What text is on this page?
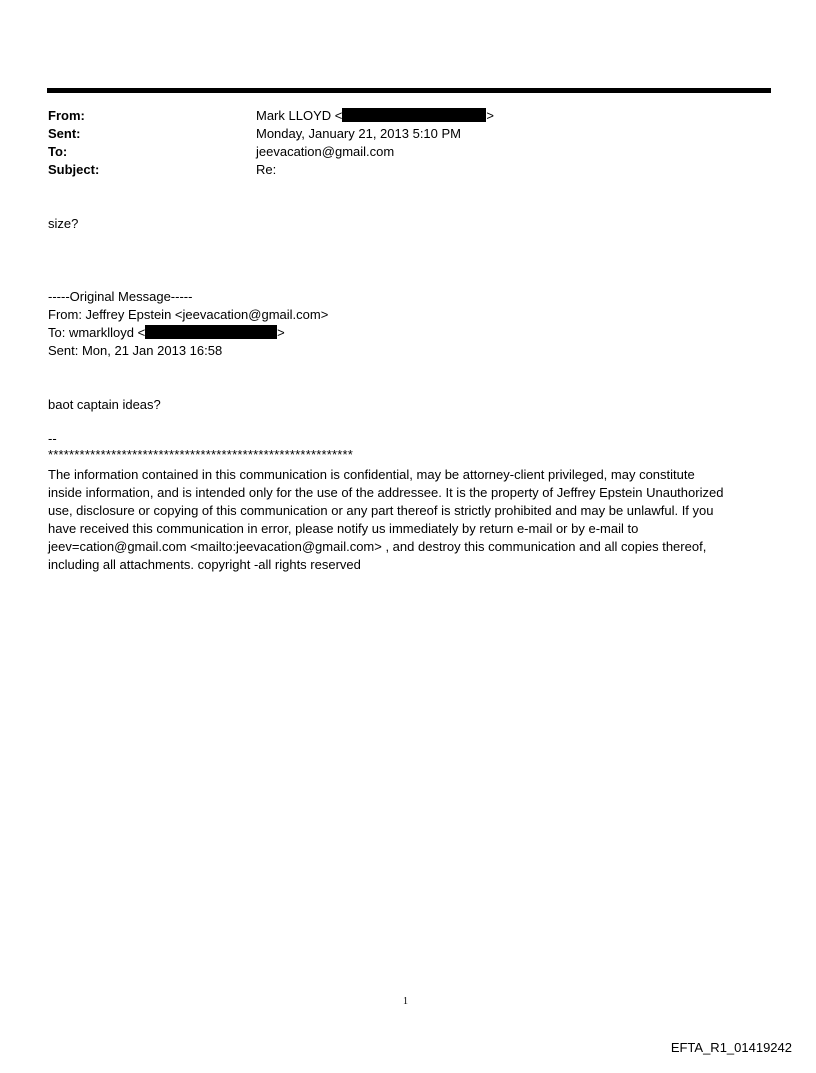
From:	Mark LLOYD <	>
Sent:	Monday, January 21, 2013 5:10 PM
To:	jeevacation@gmail.com
Subject:	Re:
size?
-----Original Message-----
From: Jeffrey Epstein <jeevacation@gmail.com>
To: wmarklloyd <	>
Sent: Mon, 21 Jan 2013 16:58
baot captain ideas?
--
**********************************************************

The information contained in this communication is confidential, may be attorney-client privileged, may constitute

inside information, and is intended only for the use of the addressee. It is the property of Jeffrey Epstein Unauthorized

use, disclosure or copying of this communication or any part thereof is strictly prohibited and may be unlawful. If you

have received this communication in error, please notify us immediately by return e-mail or by e-mail to

jeev=cation@gmail.com <mailto:jeevacation@gmail.com> , and destroy this communication and all copies thereof,

including all attachments. copyright -all rights reserved

1
EFTA_R1_01419242
